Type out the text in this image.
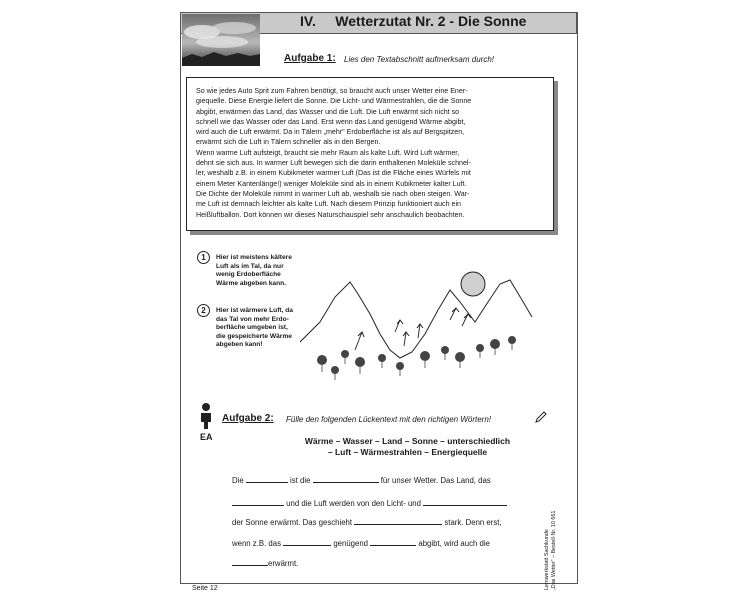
IV. Wetterzutat Nr. 2 - Die Sonne
Aufgabe 1: Lies den Textabschnitt aufmerksam durch!

So wie jedes Auto Sprit zum Fahren benötigt, so braucht auch unser Wetter eine Ener-
giequelle. Diese Energie liefert die Sonne. Die Licht- und Wärmestrahlen, die die Sonne
abgibt, erwärmen das Land, das Wasser und die Luft. Die Luft erwärmt sich nicht so
schnell wie das Wasser oder das Land. Erst wenn das Land genügend Wärme abgibt,
wird auch die Luft erwärmt. Da in Tälern „mehr" Erdoberfläche ist als auf Bergspitzen,
erwärmt sich die Luft in Tälern schneller als in den Bergen.
Wenn warme Luft aufsteigt, braucht sie mehr Raum als kalte Luft. Wird Luft wärmer,
dehnt sie sich aus. In warmer Luft bewegen sich die darin enthaltenen Moleküle schnel-
ler, weshalb z.B. in einem Kubikmeter warmer Luft (Das ist die Fläche eines Würfels mit
einem Meter Kantenlänge!) weniger Moleküle sind als in einem Kubikmeter kalter Luft.
Die Dichte der Moleküle nimmt in warmer Luft ab, weshalb sie nach oben steigen. War-
me Luft ist demnach leichter als kalte Luft. Nach diesem Prinzip funktioniert auch ein
Heißluftballon. Dort können wir dieses Naturschauspiel sehr anschaulich beobachten.

1	Hier ist meistens kältere
Luft als im Tal, da nur
wenig Erdoberfläche
Wärme abgeben kann.
2	Hier ist wärmere Luft, da
das Tal von mehr Erdo-
berfläche umgeben ist,
die gespeicherte Wärme
abgeben kann!
EA
Aufgabe 2: Fülle den folgenden Lückentext mit den richtigen Wörtern!
Wärme – Wasser – Land – Sonne – unterschiedlich
– Luft – Wärmestrahlen – Energiequelle
Die	ist die	für unser Wetter. Das Land, das
und die Luft werden von den Licht- und
der Sonne erwärmt. Das geschieht	stark. Denn erst,
wenn z.B. das	genügend	abgibt, wird auch die
erwärmt.	Lernwerkstatt Sachkunde „Das Wetter" – Bestell-Nr. 10 661
Seite 12
